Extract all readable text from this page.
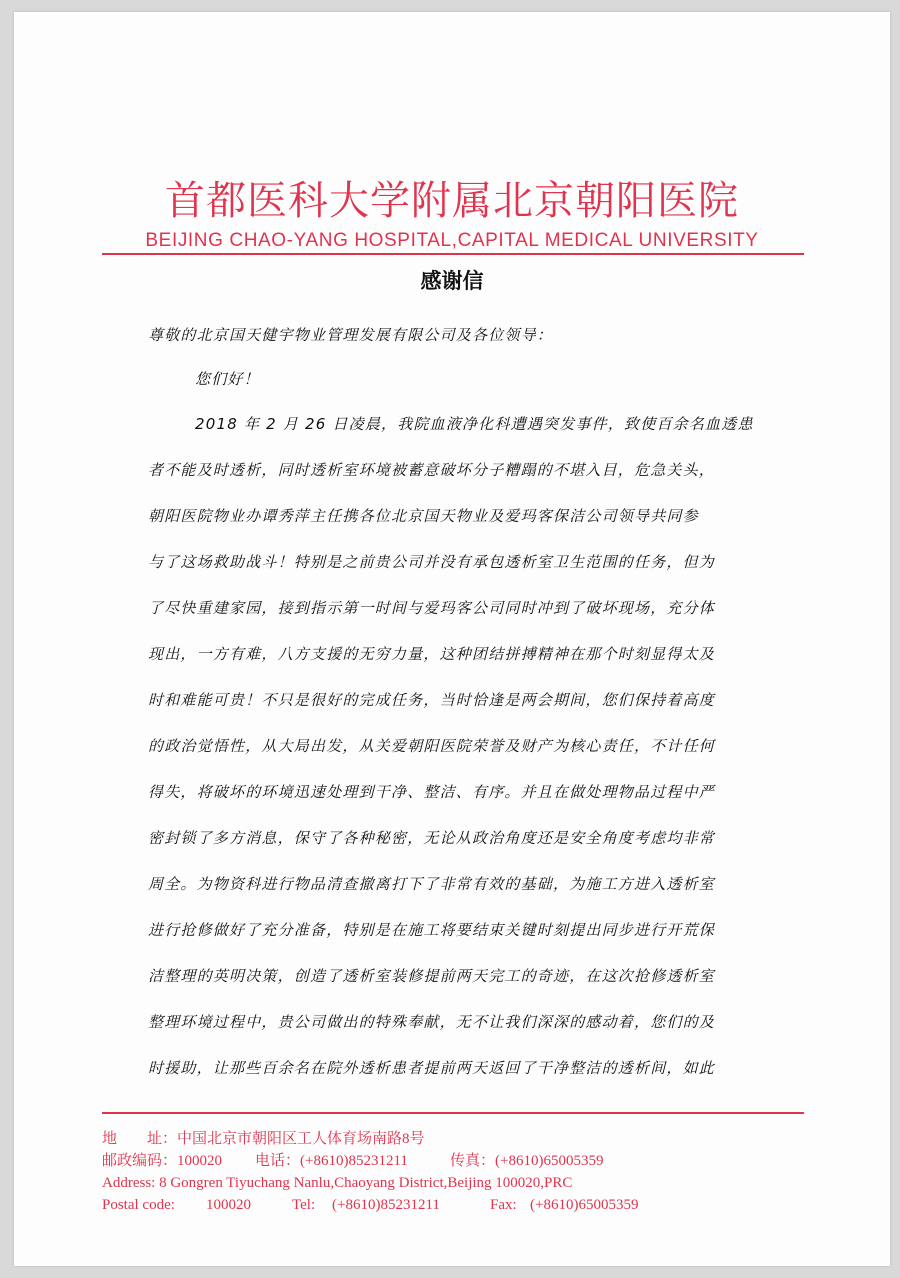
首都医科大学附属北京朝阳医院
BEIJING CHAO-YANG HOSPITAL,CAPITAL MEDICAL UNIVERSITY
感谢信
尊敬的北京国天健宇物业管理发展有限公司及各位领导：
您们好！
2018 年 2 月 26 日凌晨，我院血液净化科遭遇突发事件，致使百余名血透患
者不能及时透析，同时透析室环境被蓄意破坏分子糟蹋的不堪入目，危急关头，
朝阳医院物业办谭秀萍主任携各位北京国天物业及爱玛客保洁公司领导共同参
与了这场救助战斗！特别是之前贵公司并没有承包透析室卫生范围的任务，但为
了尽快重建家园，接到指示第一时间与爱玛客公司同时冲到了破坏现场，充分体
现出，一方有难，八方支援的无穷力量，这种团结拼搏精神在那个时刻显得太及
时和难能可贵！不只是很好的完成任务，当时恰逢是两会期间，您们保持着高度
的政治觉悟性，从大局出发，从关爱朝阳医院荣誉及财产为核心责任，不计任何
得失，将破坏的环境迅速处理到干净、整洁、有序。并且在做处理物品过程中严
密封锁了多方消息，保守了各种秘密，无论从政治角度还是安全角度考虑均非常
周全。为物资科进行物品清查撤离打下了非常有效的基础，为施工方进入透析室
进行抢修做好了充分准备，特别是在施工将要结束关键时刻提出同步进行开荒保
洁整理的英明决策，创造了透析室装修提前两天完工的奇迹，在这次抢修透析室
整理环境过程中，贵公司做出的特殊奉献，无不让我们深深的感动着，您们的及
时援助，让那些百余名在院外透析患者提前两天返回了干净整洁的透析间，如此
地　　址：中国北京市朝阳区工人体育场南路8号
邮政编码：100020 电话：(+8610)85231211	传真：(+8610)65005359
Address: 8 Gongren Tiyuchang Nanlu,Chaoyang District,Beijing 100020,PRC
Postal code: 100020	Tel: (+8610)85231211	Fax: (+8610)65005359
